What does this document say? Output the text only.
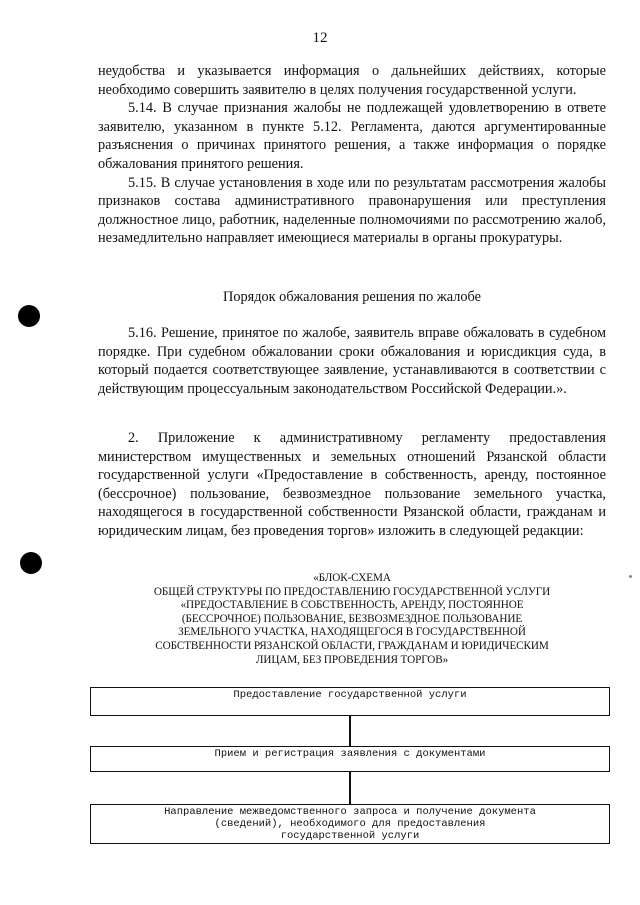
12

неудобства и указывается информация о дальнейших действиях, которые необходимо совершить заявителю в целях получения государственной услуги.

5.14. В случае признания жалобы не подлежащей удовлетворению в ответе заявителю, указанном в пункте 5.12. Регламента, даются аргументированные разъяснения о причинах принятого решения, а также информация о порядке обжалования принятого решения.

5.15. В случае установления в ходе или по результатам рассмотрения жалобы признаков состава административного правонарушения или преступления должностное лицо, работник, наделенные полномочиями по рассмотрению жалоб, незамедлительно направляет имеющиеся материалы в органы прокуратуры.

Порядок обжалования решения по жалобе

5.16. Решение, принятое по жалобе, заявитель вправе обжаловать в судебном порядке. При судебном обжаловании сроки обжалования и юрисдикция суда, в который подается соответствующее заявление, устанавливаются в соответствии с действующим процессуальным законодательством Российской Федерации.».

2. Приложение к административному регламенту предоставления министерством имущественных и земельных отношений Рязанской области государственной услуги «Предоставление в собственность, аренду, постоянное (бессрочное) пользование, безвозмездное пользование земельного участка, находящегося в государственной собственности Рязанской области, гражданам и юридическим лицам, без проведения торгов» изложить в следующей редакции:

«БЛОК-СХЕМА
ОБЩЕЙ СТРУКТУРЫ ПО ПРЕДОСТАВЛЕНИЮ ГОСУДАРСТВЕННОЙ УСЛУГИ
«ПРЕДОСТАВЛЕНИЕ В СОБСТВЕННОСТЬ, АРЕНДУ, ПОСТОЯННОЕ
(БЕССРОЧНОЕ) ПОЛЬЗОВАНИЕ, БЕЗВОЗМЕЗДНОЕ ПОЛЬЗОВАНИЕ
ЗЕМЕЛЬНОГО УЧАСТКА, НАХОДЯЩЕГОСЯ В ГОСУДАРСТВЕННОЙ
СОБСТВЕННОСТИ РЯЗАНСКОЙ ОБЛАСТИ, ГРАЖДАНАМ И ЮРИДИЧЕСКИМ
ЛИЦАМ, БЕЗ ПРОВЕДЕНИЯ ТОРГОВ»
Предоставление государственной услуги
Прием и регистрация заявления с документами
Направление межведомственного запроса и получение документа
(сведений), необходимого для предоставления
государственной услуги
